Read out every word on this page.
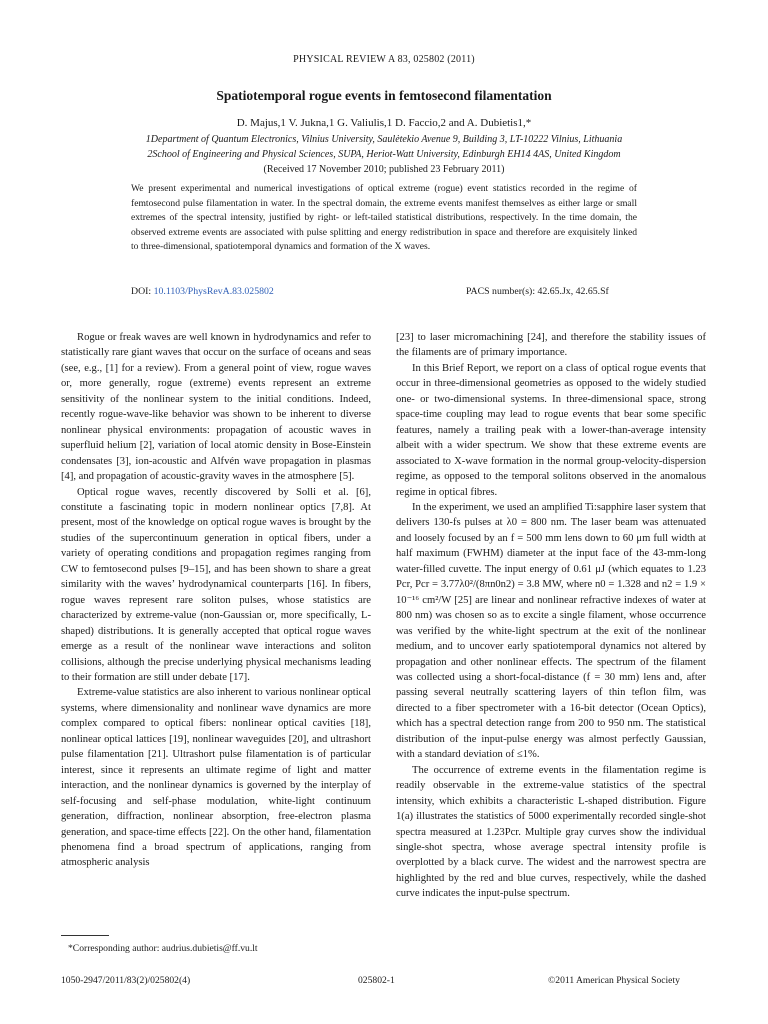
PHYSICAL REVIEW A 83, 025802 (2011)
Spatiotemporal rogue events in femtosecond filamentation
D. Majus,1 V. Jukna,1 G. Valiulis,1 D. Faccio,2 and A. Dubietis1,*
1Department of Quantum Electronics, Vilnius University, Saulėtekio Avenue 9, Building 3, LT-10222 Vilnius, Lithuania
2School of Engineering and Physical Sciences, SUPA, Heriot-Watt University, Edinburgh EH14 4AS, United Kingdom
(Received 17 November 2010; published 23 February 2011)
We present experimental and numerical investigations of optical extreme (rogue) event statistics recorded in the regime of femtosecond pulse filamentation in water. In the spectral domain, the extreme events manifest themselves as either large or small extremes of the spectral intensity, justified by right- or left-tailed statistical distributions, respectively. In the time domain, the observed extreme events are associated with pulse splitting and energy redistribution in space and therefore are exquisitely linked to three-dimensional, spatiotemporal dynamics and formation of the X waves.
DOI: 10.1103/PhysRevA.83.025802	PACS number(s): 42.65.Jx, 42.65.Sf

Rogue or freak waves are well known in hydrodynamics and refer to statistically rare giant waves that occur on the surface of oceans and seas (see, e.g., [1] for a review). From a general point of view, rogue waves or, more generally, rogue (extreme) events represent an extreme sensitivity of the nonlinear system to the initial conditions. Indeed, recently rogue-wave-like behavior was shown to be inherent to diverse nonlinear physical environments: propagation of acoustic waves in superfluid helium [2], variation of local atomic density in Bose-Einstein condensates [3], ion-acoustic and Alfvén wave propagation in plasmas [4], and propagation of acoustic-gravity waves in the atmosphere [5].

Optical rogue waves, recently discovered by Solli et al. [6], constitute a fascinating topic in modern nonlinear optics [7,8]. At present, most of the knowledge on optical rogue waves is brought by the studies of the supercontinuum generation in optical fibers, under a variety of operating conditions and propagation regimes ranging from CW to femtosecond pulses [9–15], and has been shown to share a great similarity with the waves’ hydrodynamical counterparts [16]. In fibers, rogue waves represent rare soliton pulses, whose statistics are characterized by extreme-value (non-Gaussian or, more specifically, L-shaped) distributions. It is generally accepted that optical rogue waves emerge as a result of the nonlinear wave interactions and soliton collisions, although the precise underlying physical mechanisms leading to their formation are still under debate [17].

Extreme-value statistics are also inherent to various nonlinear optical systems, where dimensionality and nonlinear wave dynamics are more complex compared to optical fibers: nonlinear optical cavities [18], nonlinear optical lattices [19], nonlinear waveguides [20], and ultrashort pulse filamentation [21]. Ultrashort pulse filamentation is of particular interest, since it represents an ultimate regime of light and matter interaction, and the nonlinear dynamics is governed by the interplay of self-focusing and self-phase modulation, white-light continuum generation, diffraction, nonlinear absorption, free-electron plasma generation, and space-time effects [22]. On the other hand, filamentation phenomena find a broad spectrum of applications, ranging from atmospheric analysis

[23] to laser micromachining [24], and therefore the stability issues of the filaments are of primary importance.

In this Brief Report, we report on a class of optical rogue events that occur in three-dimensional geometries as opposed to the widely studied one- or two-dimensional systems. In three-dimensional space, strong space-time coupling may lead to rogue events that bear some specific features, namely a trailing peak with a lower-than-average intensity albeit with a wider spectrum. We show that these extreme events are associated to X-wave formation in the normal group-velocity-dispersion regime, as opposed to the temporal solitons observed in the anomalous regime in optical fibres.

In the experiment, we used an amplified Ti:sapphire laser system that delivers 130-fs pulses at λ0 = 800 nm. The laser beam was attenuated and loosely focused by an f = 500 mm lens down to 60 μm full width at half maximum (FWHM) diameter at the input face of the 43-mm-long water-filled cuvette. The input energy of 0.61 μJ (which equates to 1.23 Pcr, Pcr = 3.77λ0²/(8πn0n2) = 3.8 MW, where n0 = 1.328 and n2 = 1.9 × 10⁻¹⁶ cm²/W [25] are linear and nonlinear refractive indexes of water at 800 nm) was chosen so as to excite a single filament, whose occurrence was verified by the white-light spectrum at the exit of the nonlinear medium, and to uncover early spatiotemporal dynamics not altered by propagation and other nonlinear effects. The spectrum of the filament was collected using a short-focal-distance (f = 30 mm) lens and, after passing several neutrally scattering layers of thin teflon film, was directed to a fiber spectrometer with a 16-bit detector (Ocean Optics), which has a spectral detection range from 200 to 950 nm. The statistical distribution of the input-pulse energy was almost perfectly Gaussian, with a standard deviation of ≤1%.

The occurrence of extreme events in the filamentation regime is readily observable in the extreme-value statistics of the spectral intensity, which exhibits a characteristic L-shaped distribution. Figure 1(a) illustrates the statistics of 5000 experimentally recorded single-shot spectra measured at 1.23Pcr. Multiple gray curves show the individual single-shot spectra, whose average spectral intensity profile is overplotted by a black curve. The widest and the narrowest spectra are highlighted by the red and blue curves, respectively, while the dashed curve indicates the input-pulse spectrum.

*Corresponding author: audrius.dubietis@ff.vu.lt
1050-2947/2011/83(2)/025802(4)	025802-1	©2011 American Physical Society
